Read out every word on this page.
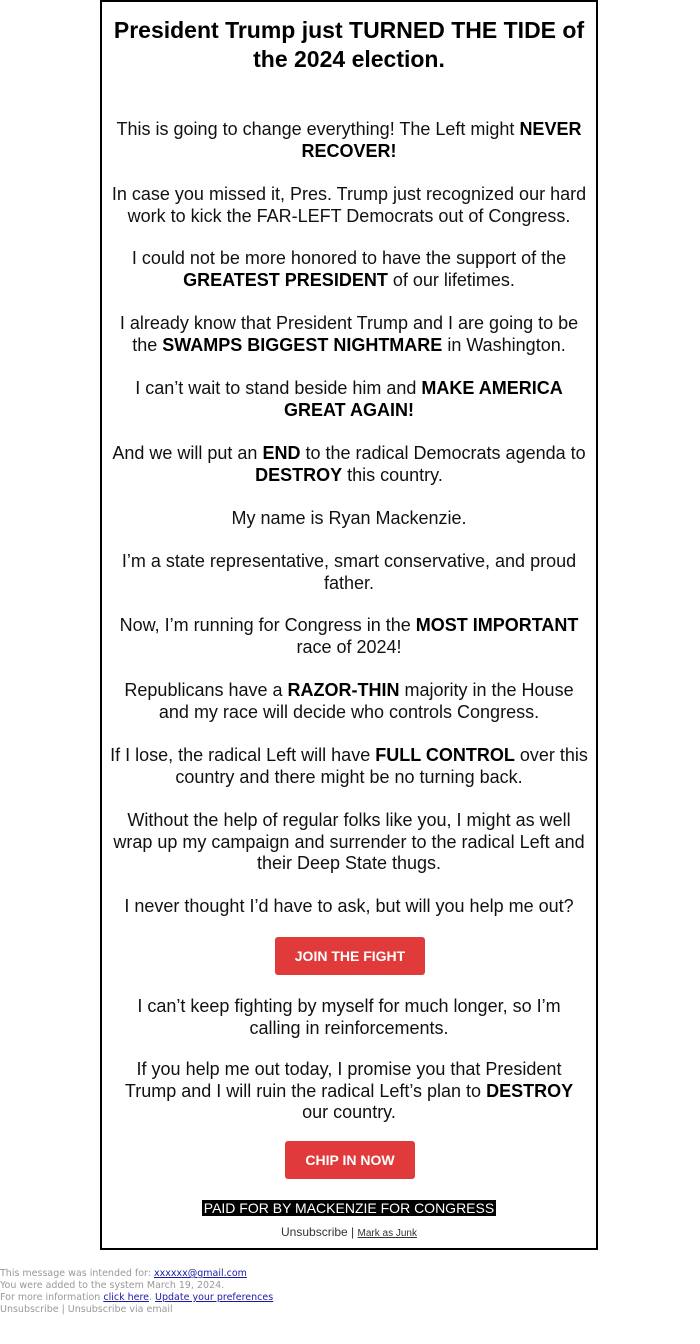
President Trump just TURNED THE TIDE of the 2024 election.

This is going to change everything! The Left might NEVER RECOVER!

In case you missed it, Pres. Trump just recognized our hard work to kick the FAR-LEFT Democrats out of Congress.

I could not be more honored to have the support of the GREATEST PRESIDENT of our lifetimes.

I already know that President Trump and I are going to be the SWAMPS BIGGEST NIGHTMARE in Washington.

I can’t wait to stand beside him and MAKE AMERICA GREAT AGAIN!

And we will put an END to the radical Democrats agenda to DESTROY this country.

My name is Ryan Mackenzie.

I’m a state representative, smart conservative, and proud father.

Now, I’m running for Congress in the MOST IMPORTANT race of 2024!

Republicans have a RAZOR-THIN majority in the House and my race will decide who controls Congress.

If I lose, the radical Left will have FULL CONTROL over this country and there might be no turning back.

Without the help of regular folks like you, I might as well wrap up my campaign and surrender to the radical Left and their Deep State thugs.

I never thought I’d have to ask, but will you help me out?

JOIN THE FIGHT

I can’t keep fighting by myself for much longer, so I’m calling in reinforcements.

If you help me out today, I promise you that President Trump and I will ruin the radical Left’s plan to DESTROY our country.

CHIP IN NOW
PAID FOR BY MACKENZIE FOR CONGRESS
Unsubscribe | Mark as Junk
This message was intended for: xxxxxx@gmail.com
You were added to the system March 19, 2024.
For more information click here. Update your preferences
Unsubscribe | Unsubscribe via email
